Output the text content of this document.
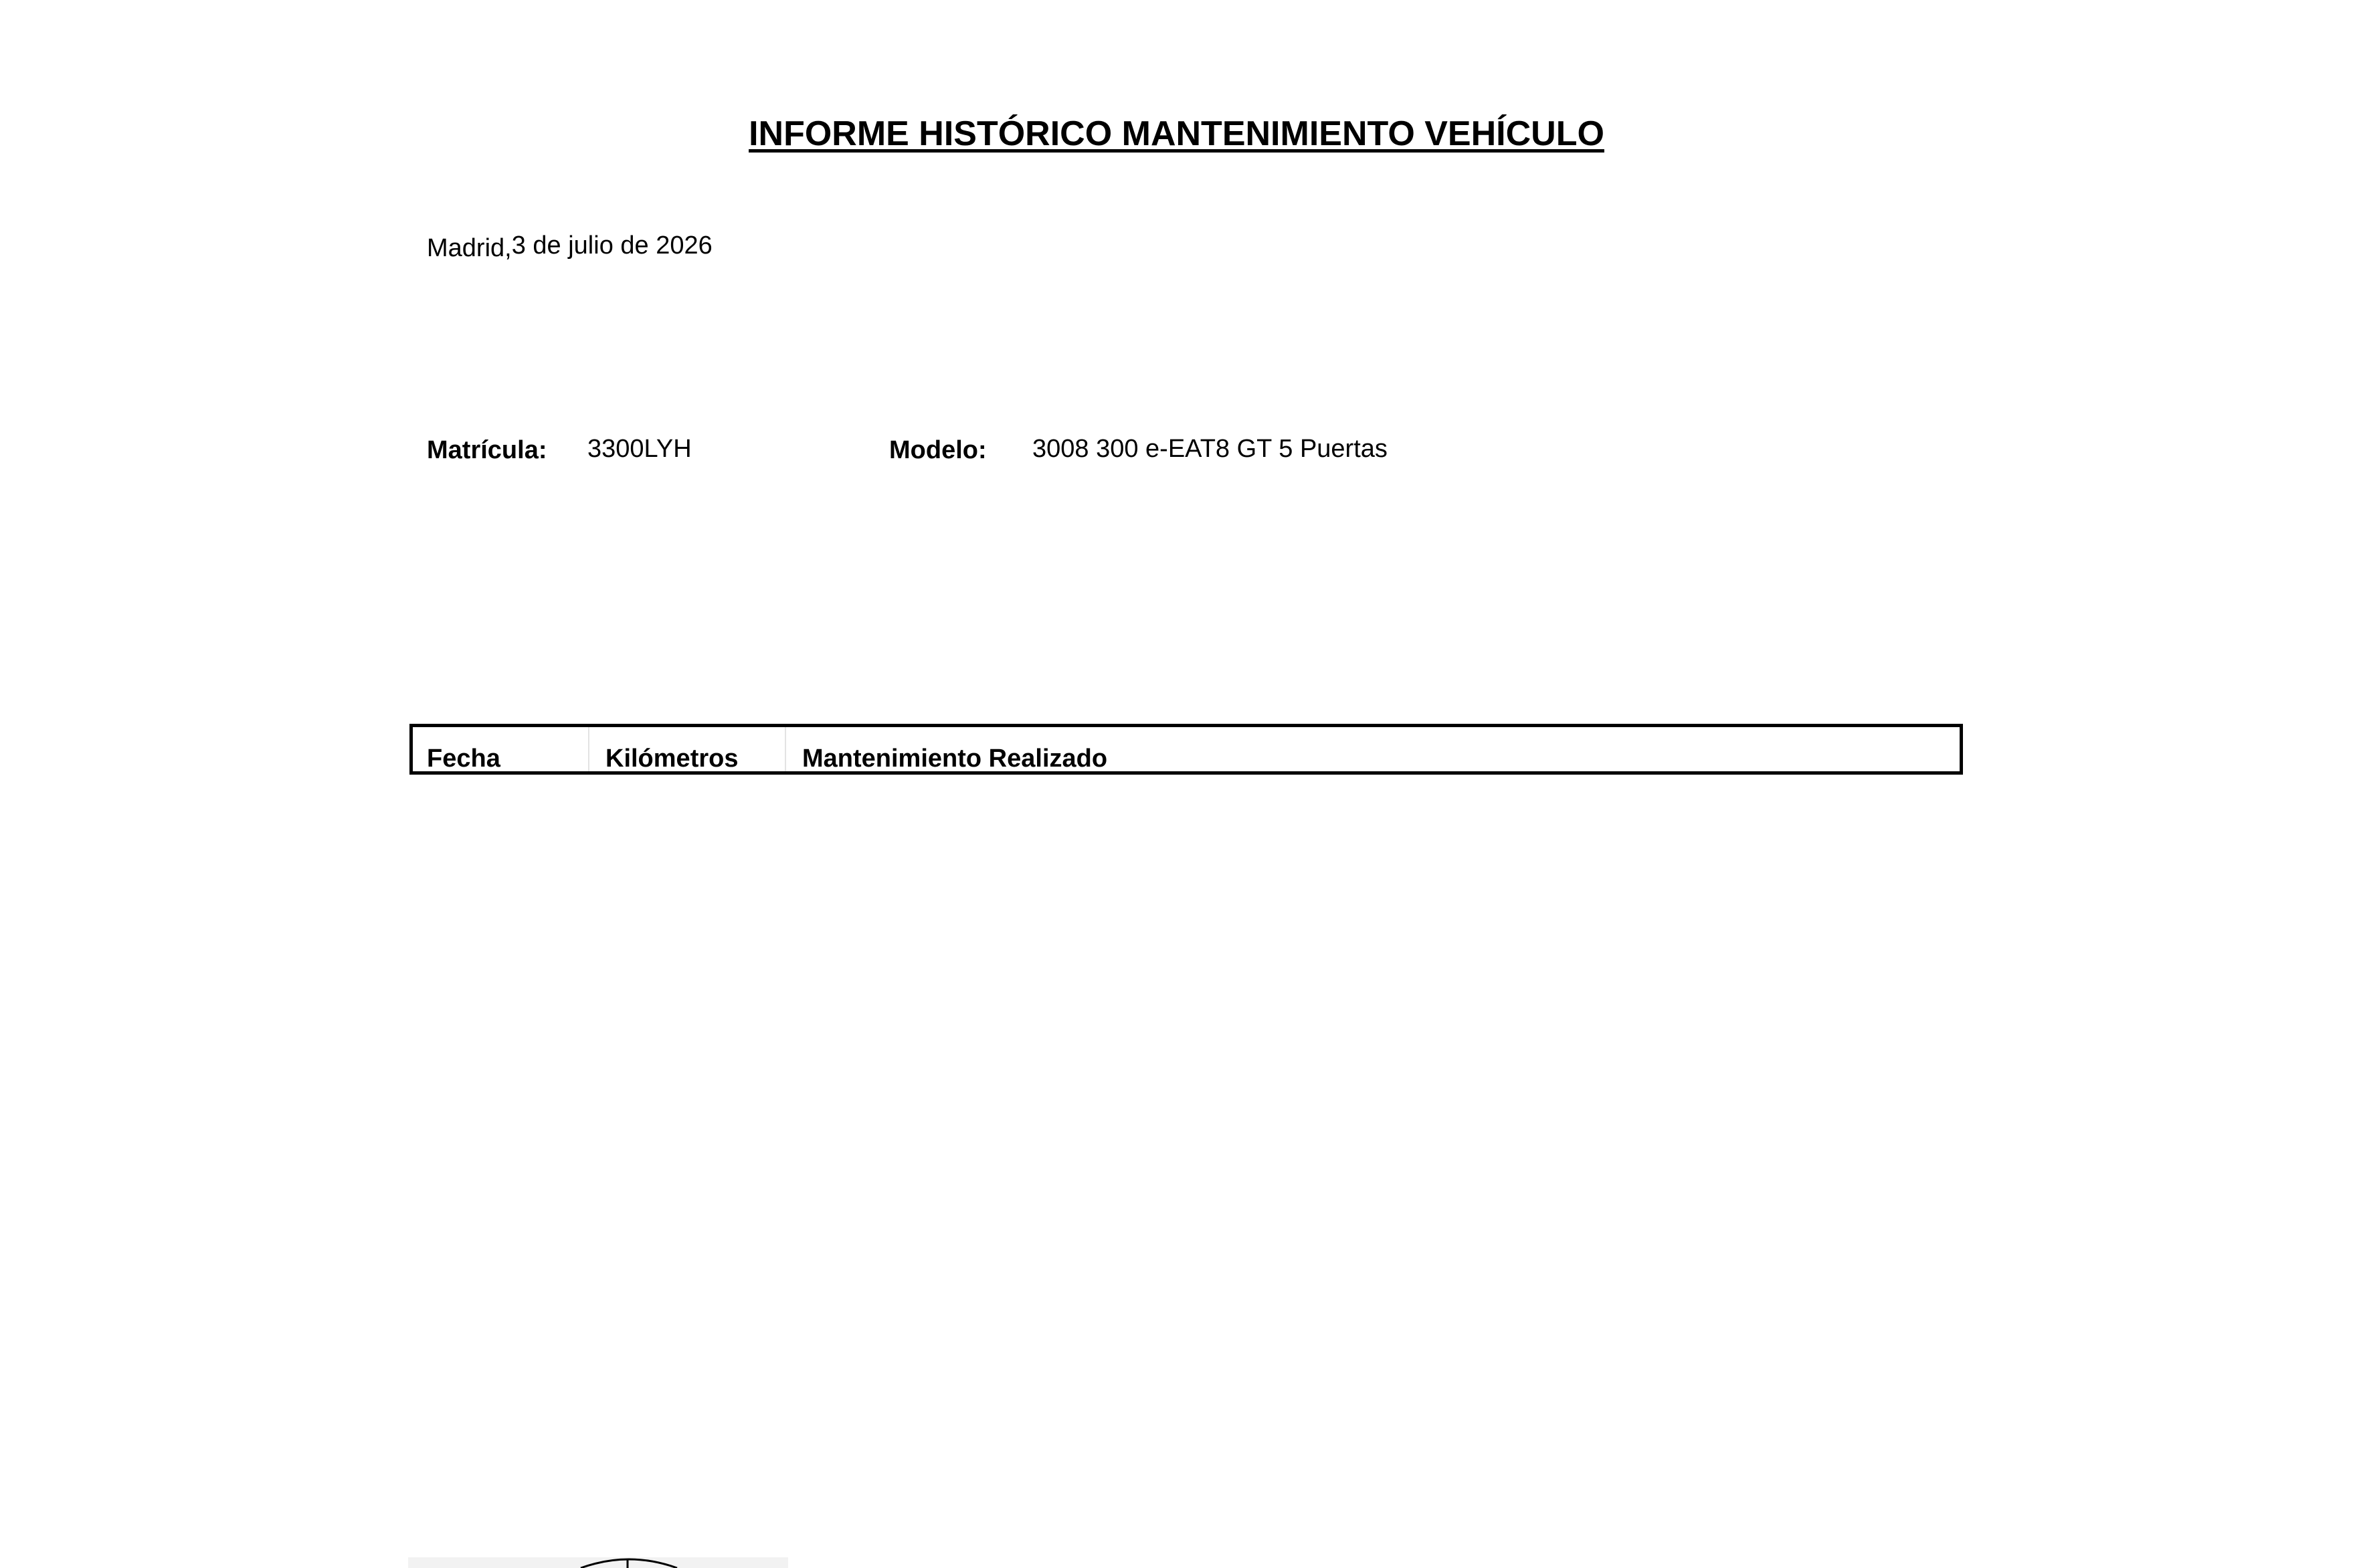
INFORME HISTÓRICO MANTENIMIENTO VEHÍCULO
Madrid,3 de julio de 2026
Matrícula: 3300LYH	Modelo: 3008 300 e-EAT8 GT 5 Puertas
Fecha	Kilómetros	Mantenimiento Realizado
